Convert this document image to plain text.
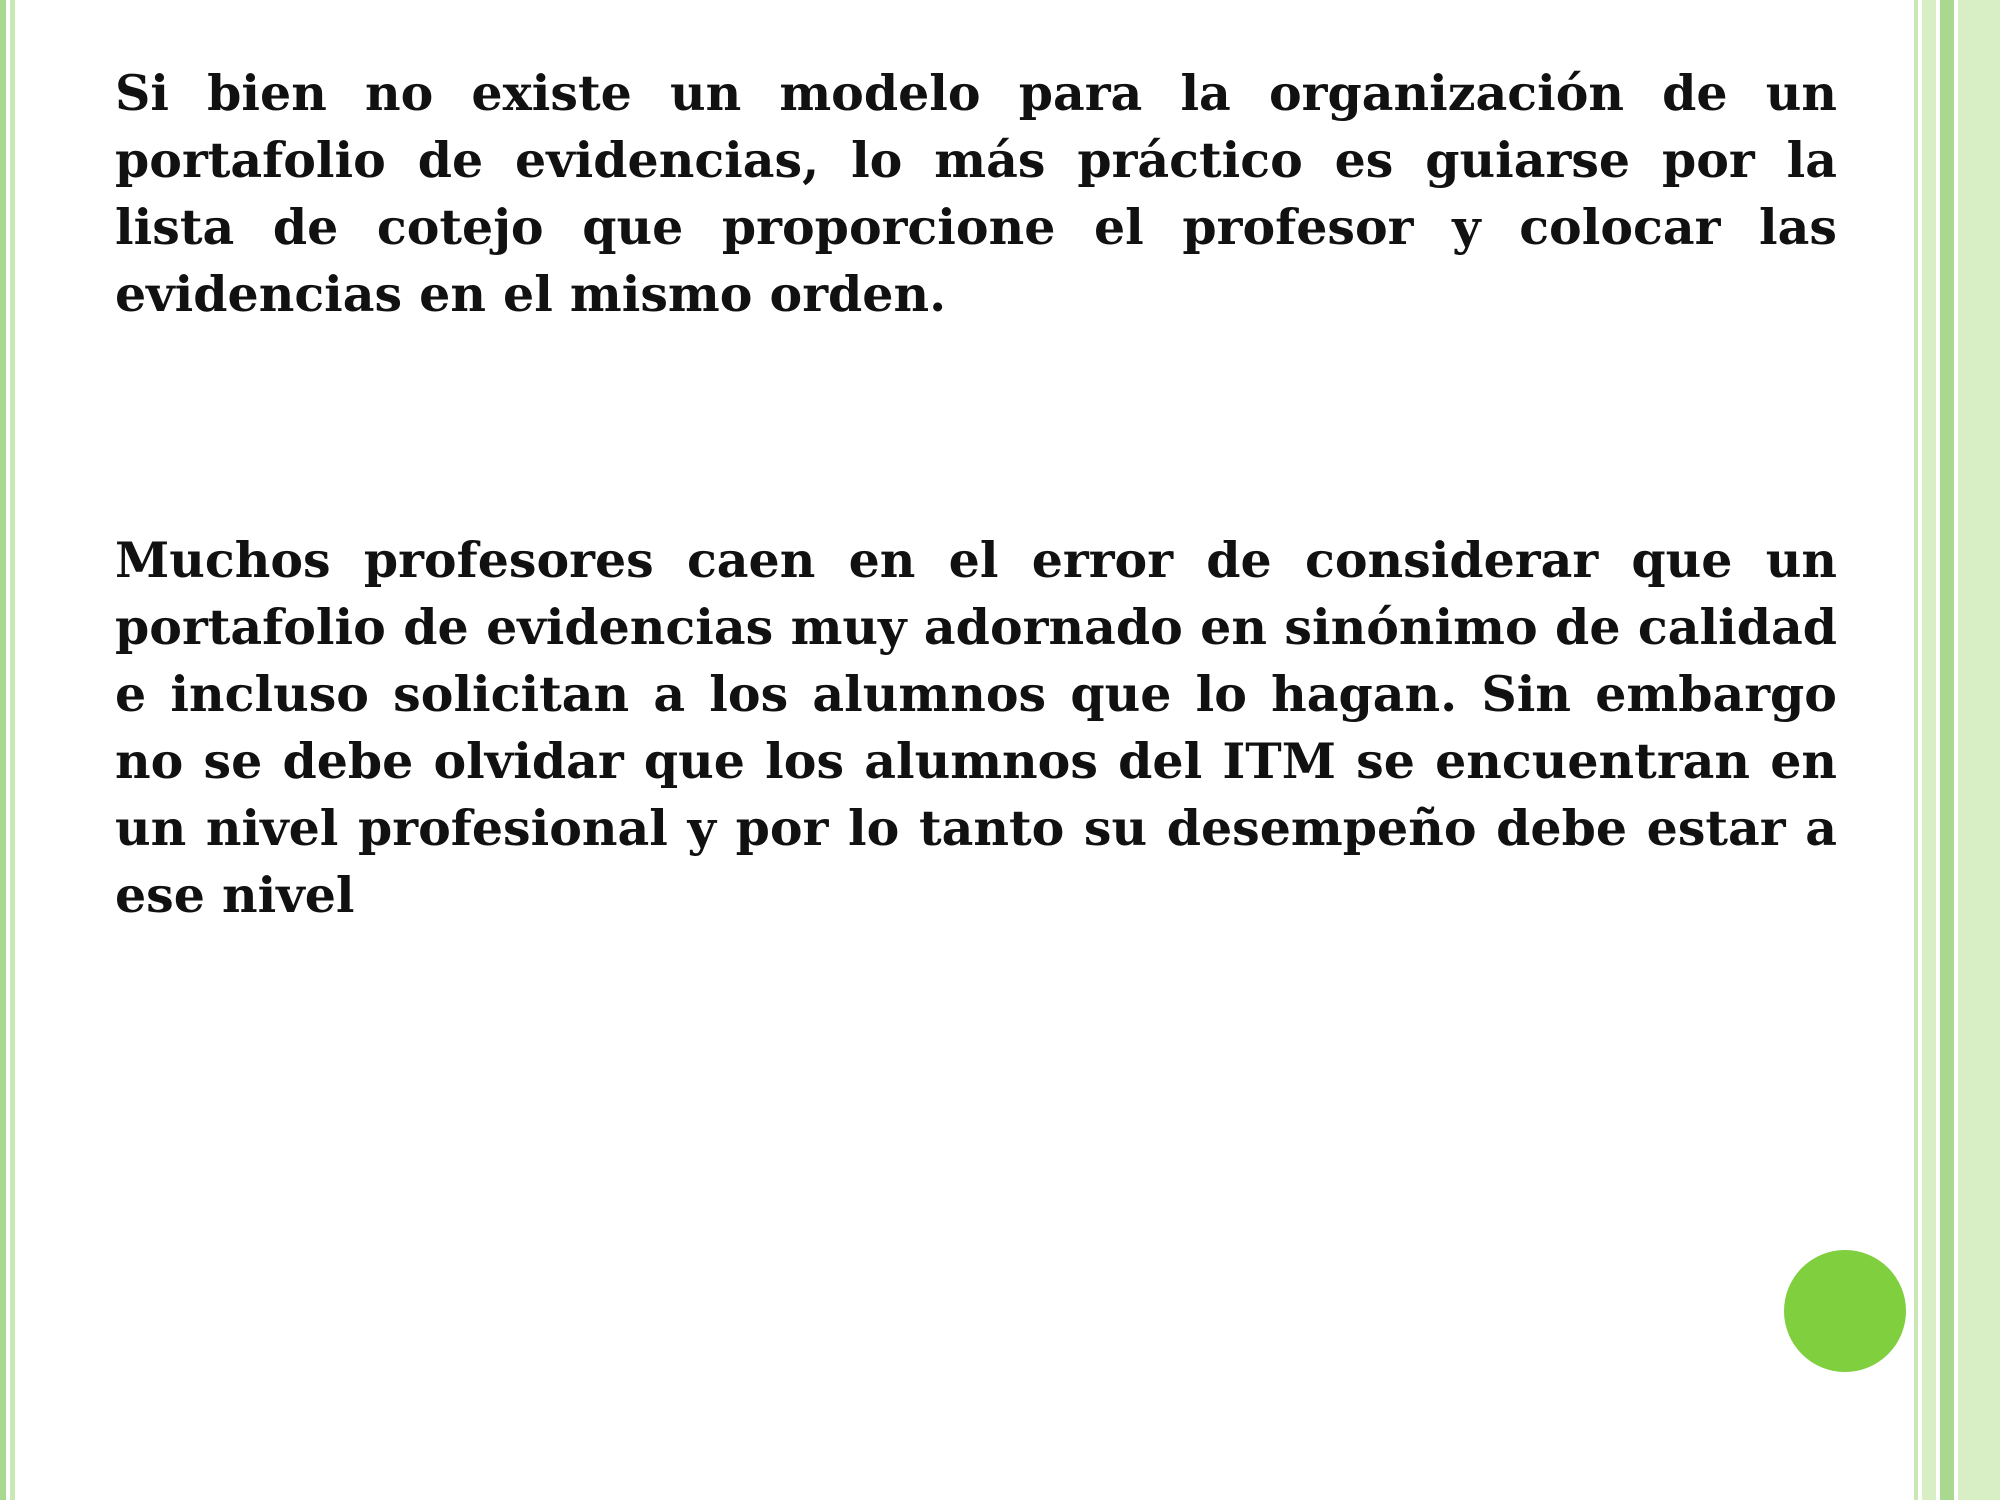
Si bien no existe un modelo para la organización de un portafolio de evidencias, lo más práctico es guiarse por la lista de cotejo que proporcione el profesor y colocar las evidencias en el mismo orden.

Muchos profesores caen en el error de considerar que un portafolio de evidencias muy adornado en sinónimo de calidad e incluso solicitan a los alumnos que lo hagan. Sin embargo no se debe olvidar que los alumnos del ITM se encuentran en un nivel profesional y por lo tanto su desempeño debe estar a ese nivel
